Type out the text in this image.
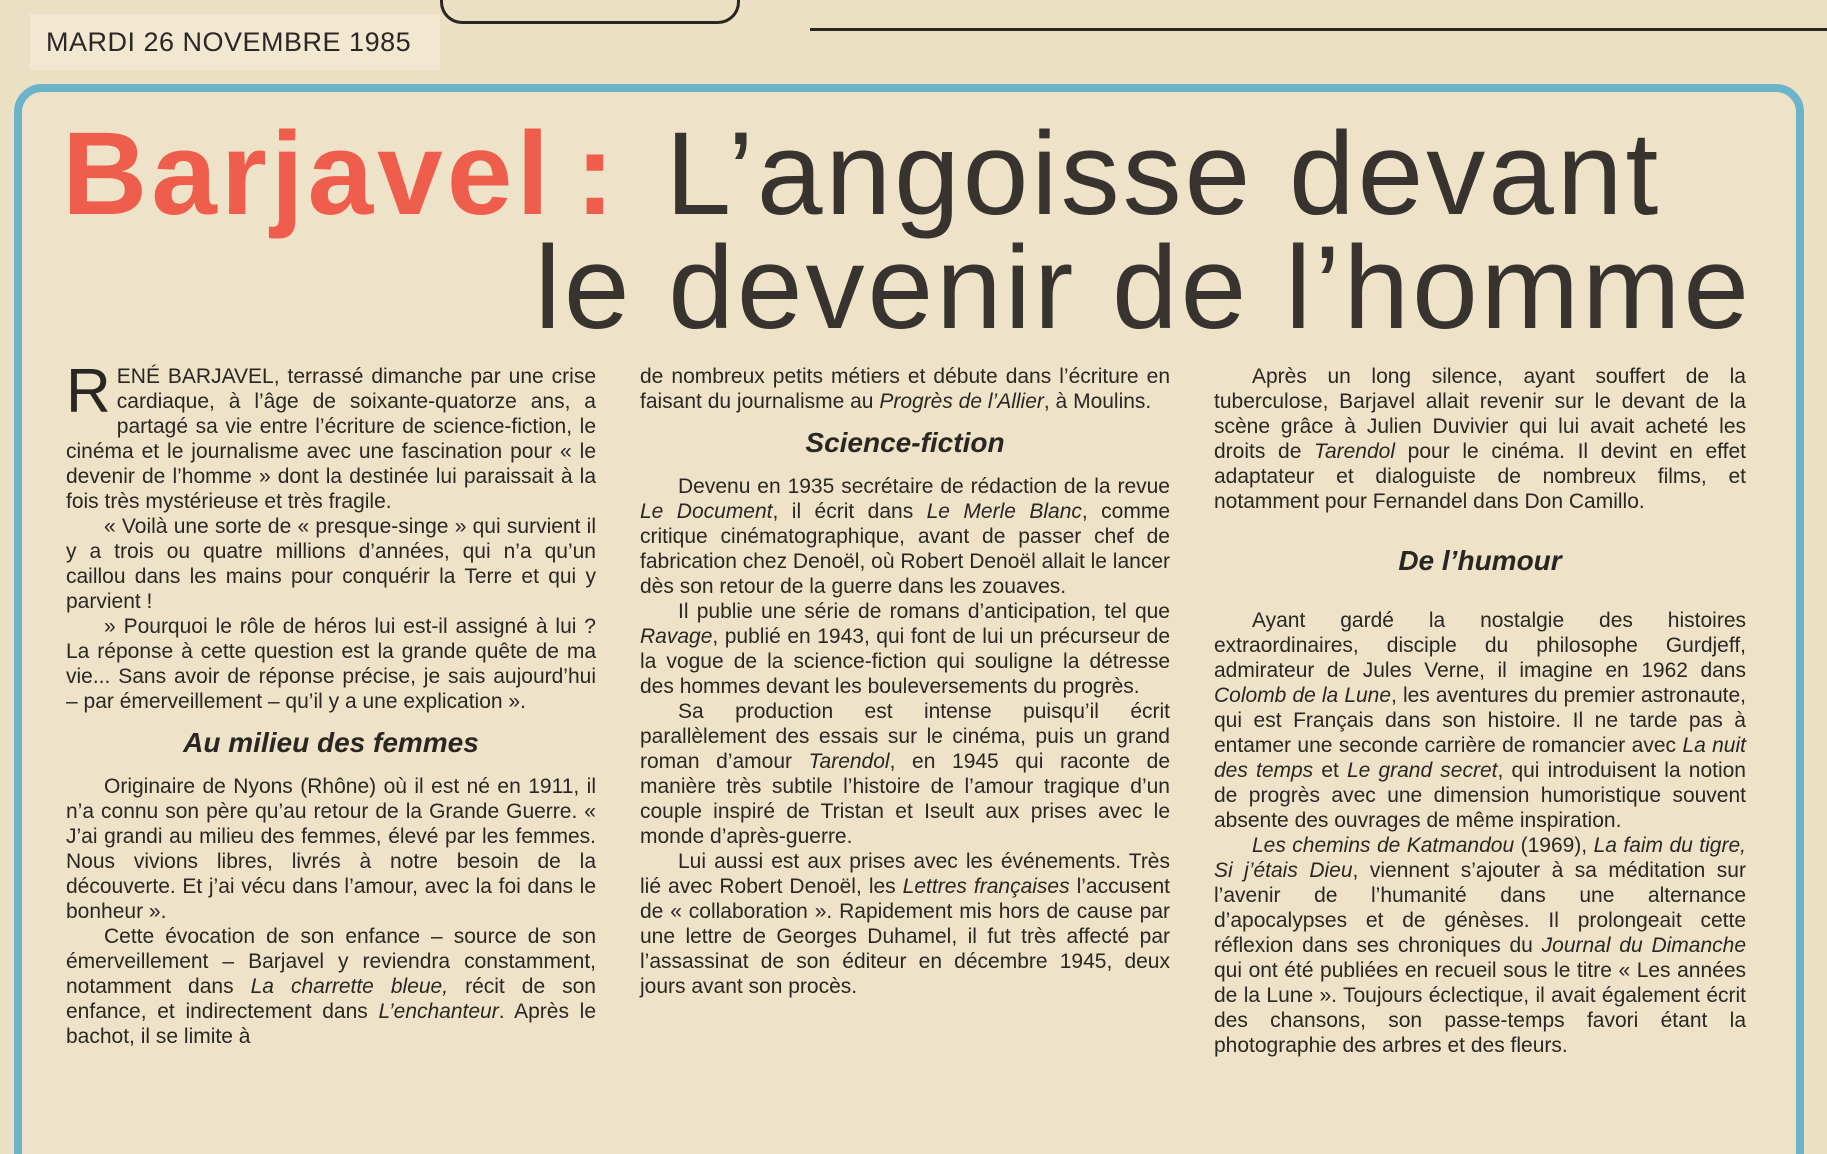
MARDI 26 NOVEMBRE 1985
Barjavel : L’angoisse devant
le devenir de l’homme

RENÉ BARJAVEL, terrassé dimanche par une crise cardiaque, à l’âge de soixante-quatorze ans, a partagé sa vie entre l’écriture de science-fiction, le cinéma et le journalisme avec une fascination pour « le devenir de l’homme » dont la destinée lui paraissait à la fois très mystérieuse et très fragile.

« Voilà une sorte de « presque-singe » qui survient il y a trois ou quatre millions d’années, qui n’a qu’un caillou dans les mains pour conquérir la Terre et qui y parvient !

» Pourquoi le rôle de héros lui est-il assigné à lui ? La réponse à cette question est la grande quête de ma vie... Sans avoir de réponse précise, je sais aujourd’hui – par émerveillement – qu’il y a une explication ».

Au milieu des femmes

Originaire de Nyons (Rhône) où il est né en 1911, il n’a connu son père qu’au retour de la Grande Guerre. « J’ai grandi au milieu des femmes, élevé par les femmes. Nous vivions libres, livrés à notre besoin de la découverte. Et j’ai vécu dans l’amour, avec la foi dans le bonheur ».

Cette évocation de son enfance – source de son émerveillement – Barjavel y reviendra constamment, notamment dans La charrette bleue, récit de son enfance, et indirectement dans L’enchanteur. Après le bachot, il se limite à

de nombreux petits métiers et débute dans l’écriture en faisant du journalisme au Progrès de l’Allier, à Moulins.

Science-fiction

Devenu en 1935 secrétaire de rédaction de la revue Le Document, il écrit dans Le Merle Blanc, comme critique cinématographique, avant de passer chef de fabrication chez Denoël, où Robert Denoël allait le lancer dès son retour de la guerre dans les zouaves.

Il publie une série de romans d’anticipation, tel que Ravage, publié en 1943, qui font de lui un précurseur de la vogue de la science-fiction qui souligne la détresse des hommes devant les bouleversements du progrès.

Sa production est intense puisqu’il écrit parallèlement des essais sur le cinéma, puis un grand roman d’amour Tarendol, en 1945 qui raconte de manière très subtile l’histoire de l’amour tragique d’un couple inspiré de Tristan et Iseult aux prises avec le monde d’après-guerre.

Lui aussi est aux prises avec les événements. Très lié avec Robert Denoël, les Lettres françaises l’accusent de « collaboration ». Rapidement mis hors de cause par une lettre de Georges Duhamel, il fut très affecté par l’assassinat de son éditeur en décembre 1945, deux jours avant son procès.

Après un long silence, ayant souffert de la tuberculose, Barjavel allait revenir sur le devant de la scène grâce à Julien Duvivier qui lui avait acheté les droits de Tarendol pour le cinéma. Il devint en effet adaptateur et dialoguiste de nombreux films, et notamment pour Fernandel dans Don Camillo.

De l’humour

Ayant gardé la nostalgie des histoires extraordinaires, disciple du philosophe Gurdjeff, admirateur de Jules Verne, il imagine en 1962 dans Colomb de la Lune, les aventures du premier astronaute, qui est Français dans son histoire. Il ne tarde pas à entamer une seconde carrière de romancier avec La nuit des temps et Le grand secret, qui introduisent la notion de progrès avec une dimension humoristique souvent absente des ouvrages de même inspiration.

Les chemins de Katmandou (1969), La faim du tigre, Si j’étais Dieu, viennent s’ajouter à sa méditation sur l’avenir de l’humanité dans une alternance d’apocalypses et de génèses. Il prolongeait cette réflexion dans ses chroniques du Journal du Dimanche qui ont été publiées en recueil sous le titre « Les années de la Lune ». Toujours éclectique, il avait également écrit des chansons, son passe-temps favori étant la photographie des arbres et des fleurs.
